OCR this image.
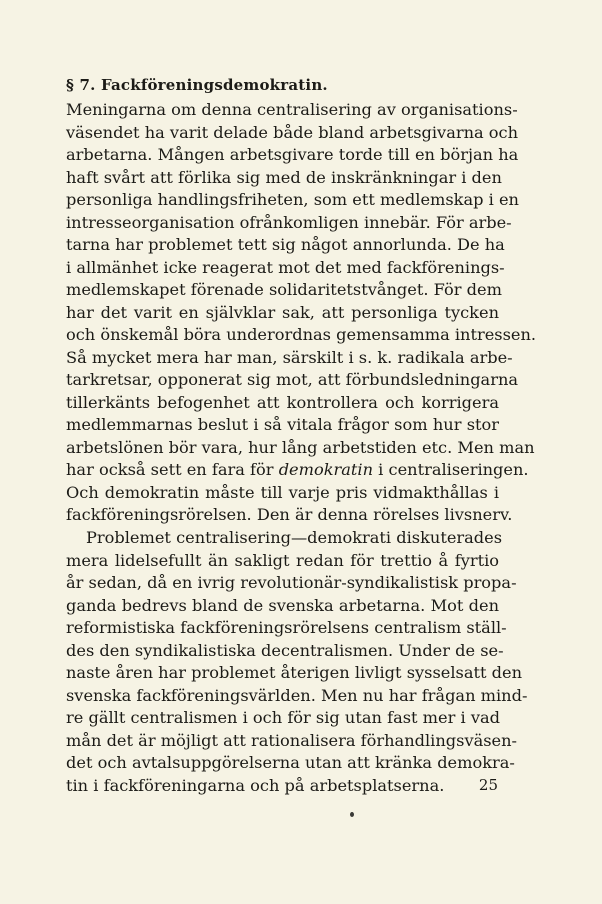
§ 7. Fackföreningsdemokratin.
Meningarna om denna centralisering av organisations-
väsendet ha varit delade både bland arbetsgivarna och
arbetarna. Mången arbetsgivare torde till en början ha
haft svårt att förlika sig med de inskränkningar i den
personliga handlingsfriheten, som ett medlemskap i en
intresseorganisation ofrånkomligen innebär. För arbe-
tarna har problemet tett sig något annorlunda. De ha
i allmänhet icke reagerat mot det med fackförenings-
medlemskapet förenade solidaritetstvånget. För dem
har det varit en självklar sak, att personliga tycken
och önskemål böra underordnas gemensamma intressen.
Så mycket mera har man, särskilt i s. k. radikala arbe-
tarkretsar, opponerat sig mot, att förbundsledningarna
tillerkänts befogenhet att kontrollera och korrigera
medlemmarnas beslut i så vitala frågor som hur stor
arbetslönen bör vara, hur lång arbetstiden etc. Men man
har också sett en fara för demokratin i centraliseringen.
Och demokratin måste till varje pris vidmakthållas i
fackföreningsrörelsen. Den är denna rörelses livsnerv.
Problemet centralisering—demokrati diskuterades
mera lidelsefullt än sakligt redan för trettio å fyrtio
år sedan, då en ivrig revolutionär-syndikalistisk propa-
ganda bedrevs bland de svenska arbetarna. Mot den
reformistiska fackföreningsrörelsens centralism ställ-
des den syndikalistiska decentralismen. Under de se-
naste åren har problemet återigen livligt sysselsatt den
svenska fackföreningsvärlden. Men nu har frågan mind-
re gällt centralismen i och för sig utan fast mer i vad
mån det är möjligt att rationalisera förhandlingsväsen-
det och avtalsuppgörelserna utan att kränka demokra-
tin i fackföreningarna och på arbetsplatserna.	25
